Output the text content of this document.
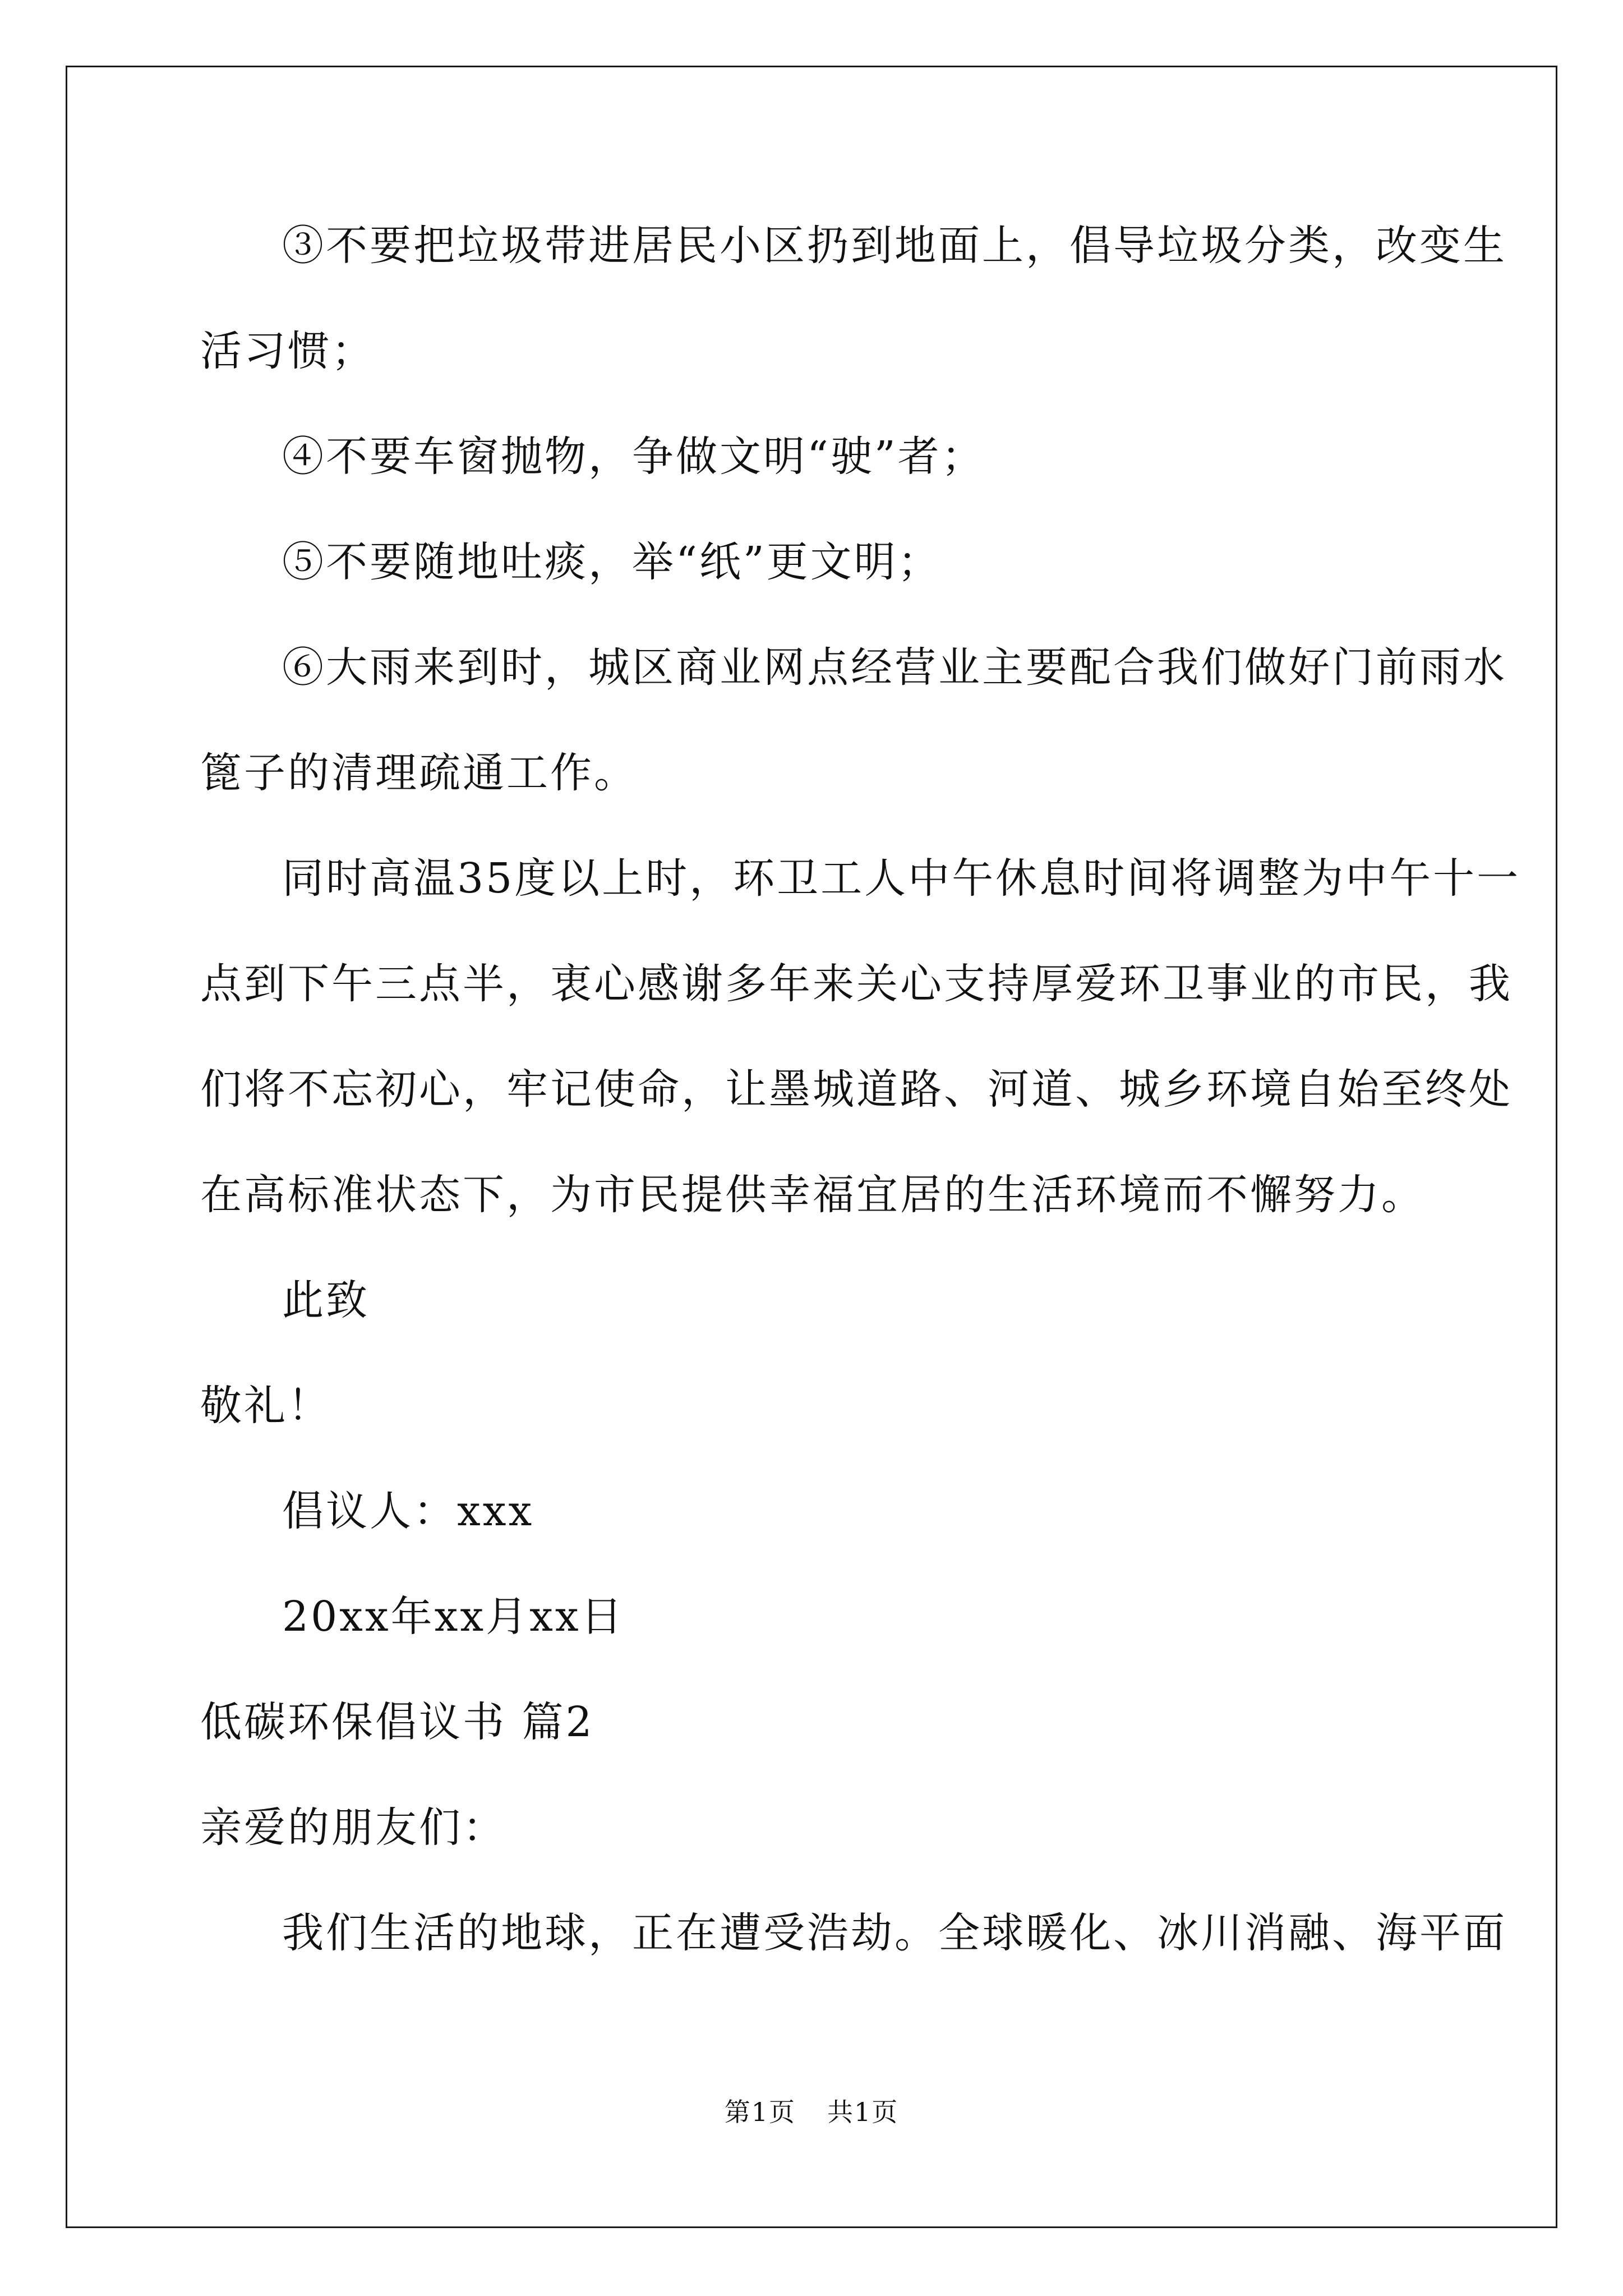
③不要把垃圾带进居民小区扔到地面上，倡导垃圾分类，改变生
活习惯；
④不要车窗抛物，争做文明“驶”者；
⑤不要随地吐痰，举“纸”更文明；
⑥大雨来到时，城区商业网点经营业主要配合我们做好门前雨水
篦子的清理疏通工作。
同时高温35度以上时，环卫工人中午休息时间将调整为中午十一
点到下午三点半，衷心感谢多年来关心支持厚爱环卫事业的市民，我
们将不忘初心，牢记使命，让墨城道路、河道、城乡环境自始至终处
在高标准状态下，为市民提供幸福宜居的生活环境而不懈努力。
此致
敬礼！
倡议人：xxx
20xx年xx月xx日
低碳环保倡议书 篇2
亲爱的朋友们：
我们生活的地球，正在遭受浩劫。全球暖化、冰川消融、海平面
第1页 共1页
